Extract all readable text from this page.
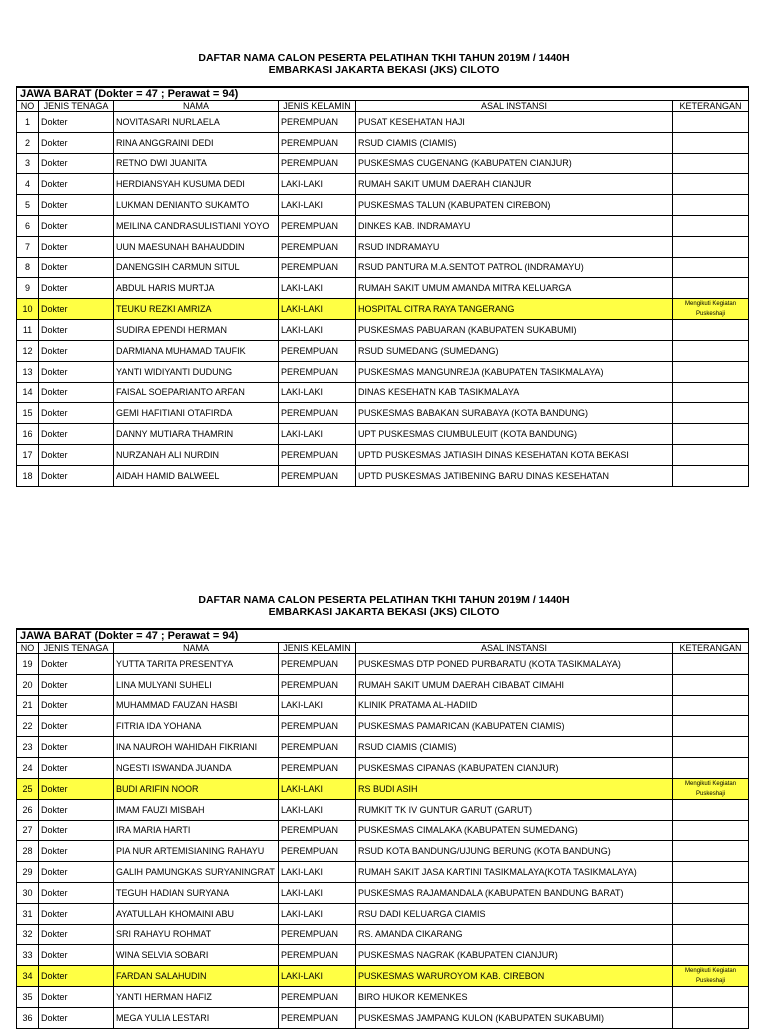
DAFTAR NAMA CALON PESERTA PELATIHAN TKHI TAHUN 2019M / 1440H
EMBARKASI JAKARTA BEKASI (JKS) CILOTO
JAWA BARAT (Dokter = 47 ; Perawat = 94)					
NO	JENIS TENAGA	NAMA	JENIS KELAMIN	ASAL INSTANSI	KETERANGAN
1	Dokter	NOVITASARI NURLAELA	PEREMPUAN	PUSAT KESEHATAN HAJI	
2	Dokter	RINA ANGGRAINI DEDI	PEREMPUAN	RSUD CIAMIS (CIAMIS)	
3	Dokter	RETNO DWI JUANITA	PEREMPUAN	PUSKESMAS CUGENANG (KABUPATEN CIANJUR)	
4	Dokter	HERDIANSYAH KUSUMA DEDI	LAKI-LAKI	RUMAH SAKIT UMUM DAERAH CIANJUR	
5	Dokter	LUKMAN DENIANTO SUKAMTO	LAKI-LAKI	PUSKESMAS TALUN (KABUPATEN CIREBON)	
6	Dokter	MEILINA CANDRASULISTIANI YOYO	PEREMPUAN	DINKES KAB. INDRAMAYU	
7	Dokter	UUN MAESUNAH BAHAUDDIN	PEREMPUAN	RSUD INDRAMAYU	
8	Dokter	DANENGSIH CARMUN SITUL	PEREMPUAN	RSUD PANTURA M.A.SENTOT PATROL (INDRAMAYU)	
9	Dokter	ABDUL HARIS MURTJA	LAKI-LAKI	RUMAH SAKIT UMUM AMANDA MITRA KELUARGA	
10	Dokter	TEUKU REZKI AMRIZA	LAKI-LAKI	HOSPITAL CITRA RAYA TANGERANG	Mengikuti Kegiatan Puskeshaji
11	Dokter	SUDIRA EPENDI HERMAN	LAKI-LAKI	PUSKESMAS PABUARAN (KABUPATEN SUKABUMI)	
12	Dokter	DARMIANA MUHAMAD TAUFIK	PEREMPUAN	RSUD SUMEDANG (SUMEDANG)	
13	Dokter	YANTI WIDIYANTI DUDUNG	PEREMPUAN	PUSKESMAS MANGUNREJA (KABUPATEN TASIKMALAYA)	
14	Dokter	FAISAL SOEPARIANTO ARFAN	LAKI-LAKI	DINAS KESEHATN KAB TASIKMALAYA	
15	Dokter	GEMI HAFITIANI OTAFIRDA	PEREMPUAN	PUSKESMAS BABAKAN SURABAYA (KOTA BANDUNG)	
16	Dokter	DANNY MUTIARA THAMRIN	LAKI-LAKI	UPT PUSKESMAS CIUMBULEUIT (KOTA BANDUNG)	
17	Dokter	NURZANAH ALI NURDIN	PEREMPUAN	UPTD PUSKESMAS JATIASIH DINAS KESEHATAN KOTA BEKASI	
18	Dokter	AIDAH HAMID BALWEEL	PEREMPUAN	UPTD PUSKESMAS JATIBENING BARU DINAS KESEHATAN	
DAFTAR NAMA CALON PESERTA PELATIHAN TKHI TAHUN 2019M / 1440H
EMBARKASI JAKARTA BEKASI (JKS) CILOTO
JAWA BARAT (Dokter = 47 ; Perawat = 94)					
NO	JENIS TENAGA	NAMA	JENIS KELAMIN	ASAL INSTANSI	KETERANGAN
19	Dokter	YUTTA TARITA PRESENTYA	PEREMPUAN	PUSKESMAS DTP PONED PURBARATU (KOTA TASIKMALAYA)	
20	Dokter	LINA MULYANI SUHELI	PEREMPUAN	RUMAH SAKIT UMUM DAERAH CIBABAT CIMAHI	
21	Dokter	MUHAMMAD FAUZAN HASBI	LAKI-LAKI	KLINIK PRATAMA AL-HADIID	
22	Dokter	FITRIA IDA YOHANA	PEREMPUAN	PUSKESMAS PAMARICAN (KABUPATEN CIAMIS)	
23	Dokter	INA NAUROH WAHIDAH FIKRIANI	PEREMPUAN	RSUD CIAMIS (CIAMIS)	
24	Dokter	NGESTI ISWANDA JUANDA	PEREMPUAN	PUSKESMAS CIPANAS (KABUPATEN CIANJUR)	
25	Dokter	BUDI ARIFIN NOOR	LAKI-LAKI	RS BUDI ASIH	Mengikuti Kegiatan Puskeshaji
26	Dokter	IMAM FAUZI MISBAH	LAKI-LAKI	RUMKIT TK IV GUNTUR GARUT (GARUT)	
27	Dokter	IRA MARIA HARTI	PEREMPUAN	PUSKESMAS CIMALAKA (KABUPATEN SUMEDANG)	
28	Dokter	PIA NUR ARTEMISIANING RAHAYU	PEREMPUAN	RSUD KOTA BANDUNG/UJUNG BERUNG (KOTA BANDUNG)	
29	Dokter	GALIH PAMUNGKAS SURYANINGRAT	LAKI-LAKI	RUMAH SAKIT JASA KARTINI TASIKMALAYA(KOTA TASIKMALAYA)	
30	Dokter	TEGUH HADIAN SURYANA	LAKI-LAKI	PUSKESMAS RAJAMANDALA (KABUPATEN BANDUNG BARAT)	
31	Dokter	AYATULLAH KHOMAINI ABU	LAKI-LAKI	RSU DADI KELUARGA CIAMIS	
32	Dokter	SRI RAHAYU ROHMAT	PEREMPUAN	RS. AMANDA CIKARANG	
33	Dokter	WINA SELVIA SOBARI	PEREMPUAN	PUSKESMAS NAGRAK (KABUPATEN CIANJUR)	
34	Dokter	FARDAN SALAHUDIN	LAKI-LAKI	PUSKESMAS WARUROYOM KAB. CIREBON	Mengikuti Kegiatan Puskeshaji
35	Dokter	YANTI HERMAN HAFIZ	PEREMPUAN	BIRO HUKOR KEMENKES	
36	Dokter	MEGA YULIA LESTARI	PEREMPUAN	PUSKESMAS JAMPANG KULON (KABUPATEN SUKABUMI)	
